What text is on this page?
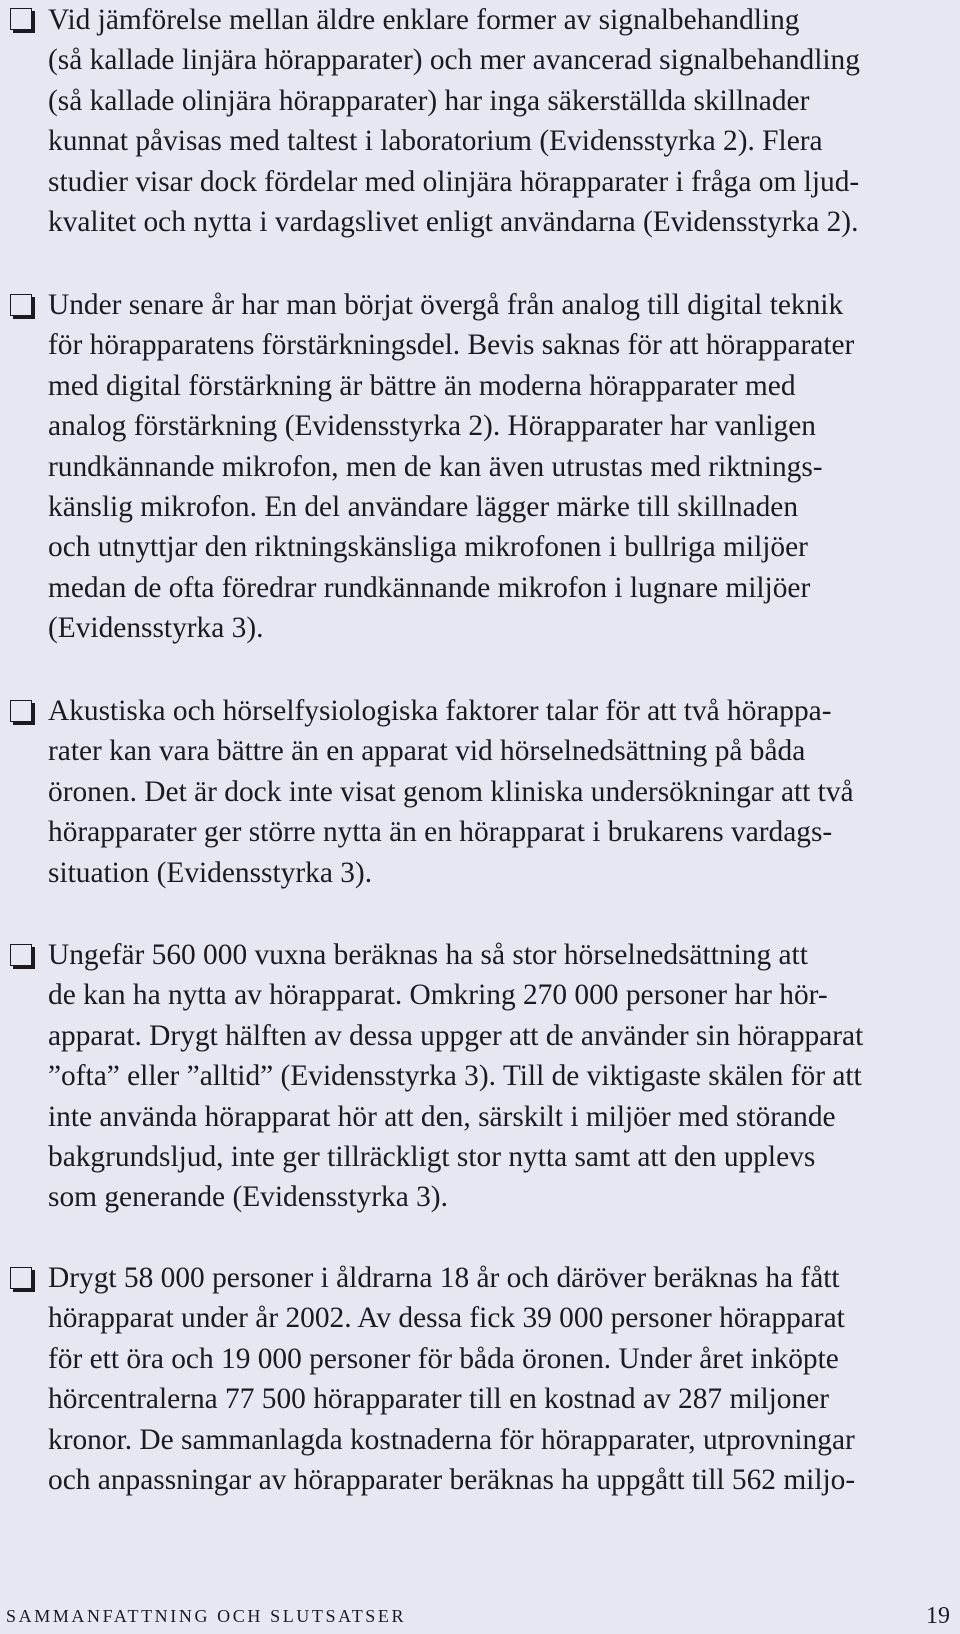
Vid jämförelse mellan äldre enklare former av signalbehandling
(så kallade linjära hörapparater) och mer avancerad signalbehandling
(så kallade olinjära hörapparater) har inga säkerställda skillnader
kunnat påvisas med taltest i laboratorium (Evidensstyrka 2). Flera
studier visar dock fördelar med olinjära hörapparater i fråga om ljud-
kvalitet och nytta i vardagslivet enligt användarna (Evidensstyrka 2).

Under senare år har man börjat övergå från analog till digital teknik
för hörapparatens förstärkningsdel. Bevis saknas för att hörapparater
med digital förstärkning är bättre än moderna hörapparater med
analog förstärkning (Evidensstyrka 2). Hörapparater har vanligen
rundkännande mikrofon, men de kan även utrustas med riktnings-
känslig mikrofon. En del användare lägger märke till skillnaden
och utnyttjar den riktningskänsliga mikrofonen i bullriga miljöer
medan de ofta föredrar rundkännande mikrofon i lugnare miljöer
(Evidensstyrka 3).

Akustiska och hörselfysiologiska faktorer talar för att två hörappa-
rater kan vara bättre än en apparat vid hörselnedsättning på båda
öronen. Det är dock inte visat genom kliniska undersökningar att två
hörapparater ger större nytta än en hörapparat i brukarens vardags-
situation (Evidensstyrka 3).

Ungefär 560 000 vuxna beräknas ha så stor hörselnedsättning att
de kan ha nytta av hörapparat. Omkring 270 000 personer har hör-
apparat. Drygt hälften av dessa uppger att de använder sin hörapparat
”ofta” eller ”alltid” (Evidensstyrka 3). Till de viktigaste skälen för att
inte använda hörapparat hör att den, särskilt i miljöer med störande
bakgrundsljud, inte ger tillräckligt stor nytta samt att den upplevs
som generande (Evidensstyrka 3).

Drygt 58 000 personer i åldrarna 18 år och däröver beräknas ha fått
hörapparat under år 2002. Av dessa fick 39 000 personer hörapparat
för ett öra och 19 000 personer för båda öronen. Under året inköpte
hörcentralerna 77 500 hörapparater till en kostnad av 287 miljoner
kronor. De sammanlagda kostnaderna för hörapparater, utprovningar
och anpassningar av hörapparater beräknas ha uppgått till 562 miljo-

SAMMANFATTNING OCH SLUTSATSER	19
